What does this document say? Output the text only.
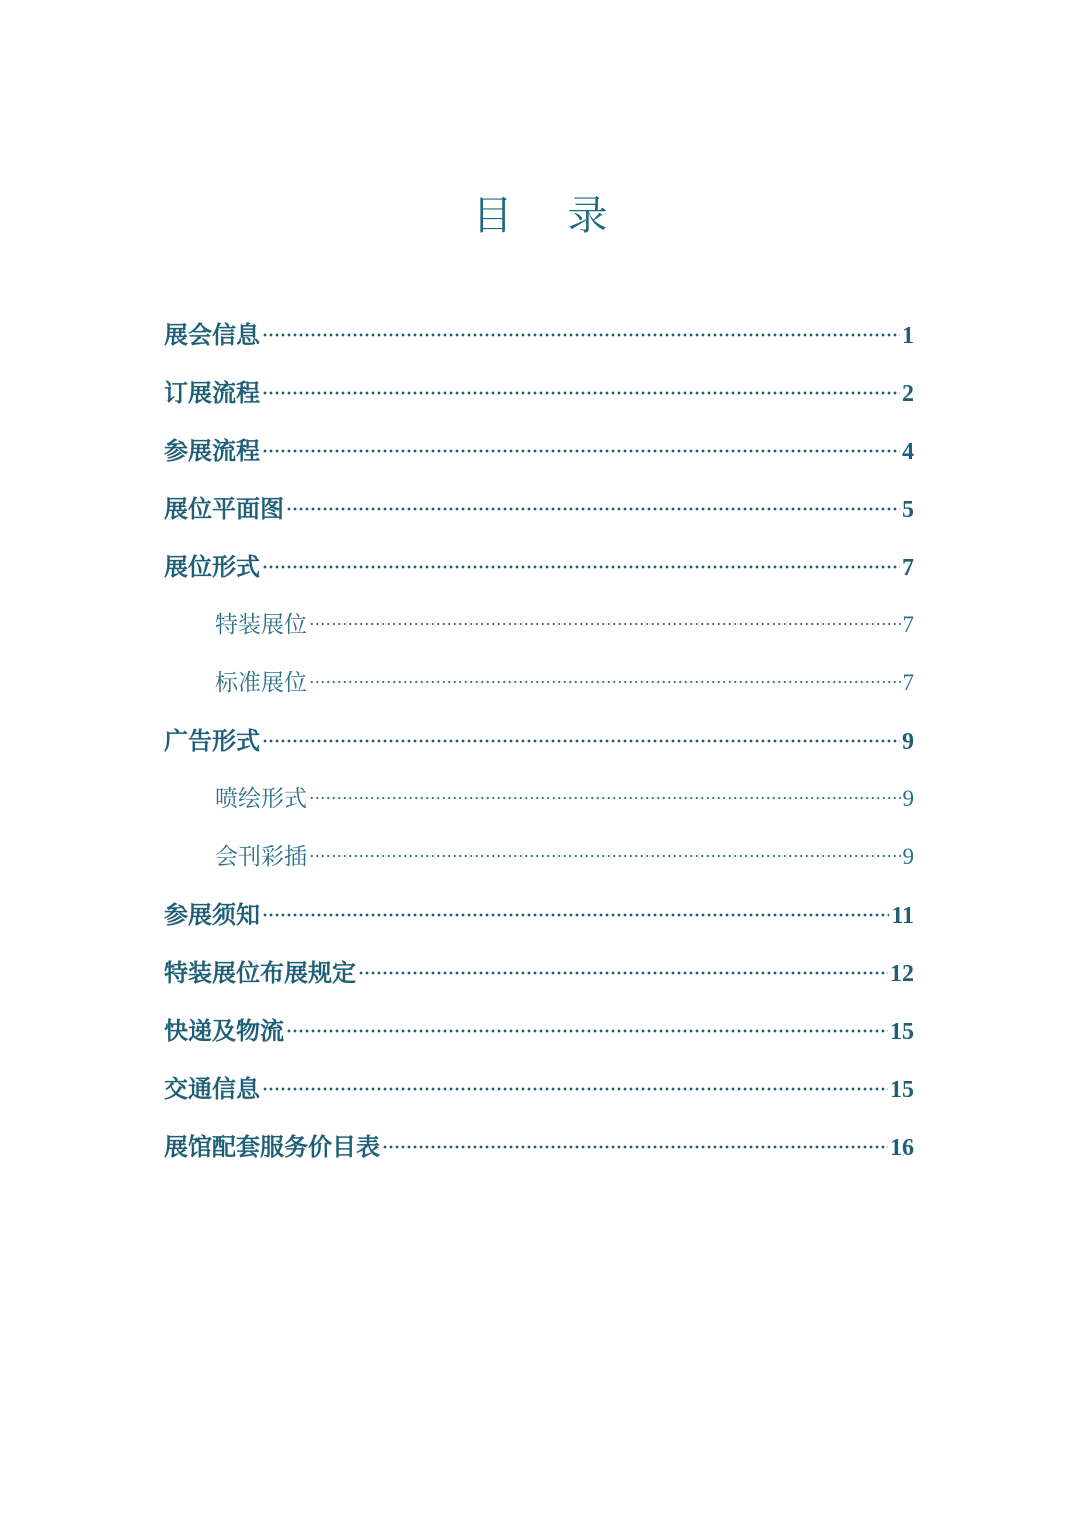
目录
展会信息	1
订展流程	2
参展流程	4
展位平面图	5
展位形式	7
特装展位	7
标准展位	7
广告形式	9
喷绘形式	9
会刊彩插	9
参展须知	11
特装展位布展规定	12
快递及物流	15
交通信息	15
展馆配套服务价目表	16
